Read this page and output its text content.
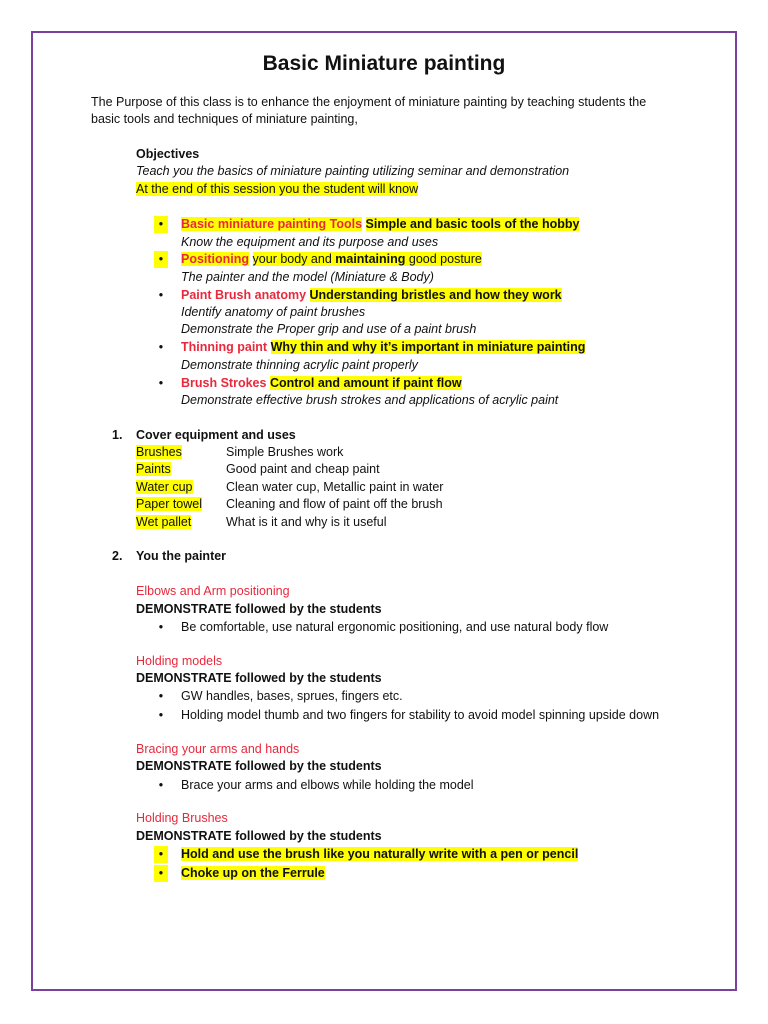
Basic Miniature painting
The Purpose of this class is to enhance the enjoyment of miniature painting by teaching students the
basic tools and techniques of miniature painting,
Objectives
Teach you the basics of miniature painting utilizing seminar and demonstration
At the end of this session you the student will know
•	Basic miniature painting Tools Simple and basic tools of the hobby
Know the equipment and its purpose and uses
•	Positioning your body and maintaining good posture
The painter and the model (Miniature & Body)
•	Paint Brush anatomy Understanding bristles and how they work
Identify anatomy of paint brushes
Demonstrate the Proper grip and use of a paint brush
•	Thinning paint Why thin and why it’s important in miniature painting
Demonstrate thinning acrylic paint properly
•	Brush Strokes Control and amount if paint flow
Demonstrate effective brush strokes and applications of acrylic paint
1. Cover equipment and uses
Brushes	Simple Brushes work
Paints	Good paint and cheap paint
Water cup	Clean water cup, Metallic paint in water
Paper towel Cleaning and flow of paint off the brush
Wet pallet	What is it and why is it useful
2. You the painter
Elbows and Arm positioning
DEMONSTRATE followed by the students
•	Be comfortable, use natural ergonomic positioning, and use natural body flow
Holding models
DEMONSTRATE followed by the students
•	GW handles, bases, sprues, fingers etc.
•	Holding model thumb and two fingers for stability to avoid model spinning upside down
Bracing your arms and hands
DEMONSTRATE followed by the students
•	Brace your arms and elbows while holding the model
Holding Brushes
DEMONSTRATE followed by the students
•	Hold and use the brush like you naturally write with a pen or pencil
•	Choke up on the Ferrule
